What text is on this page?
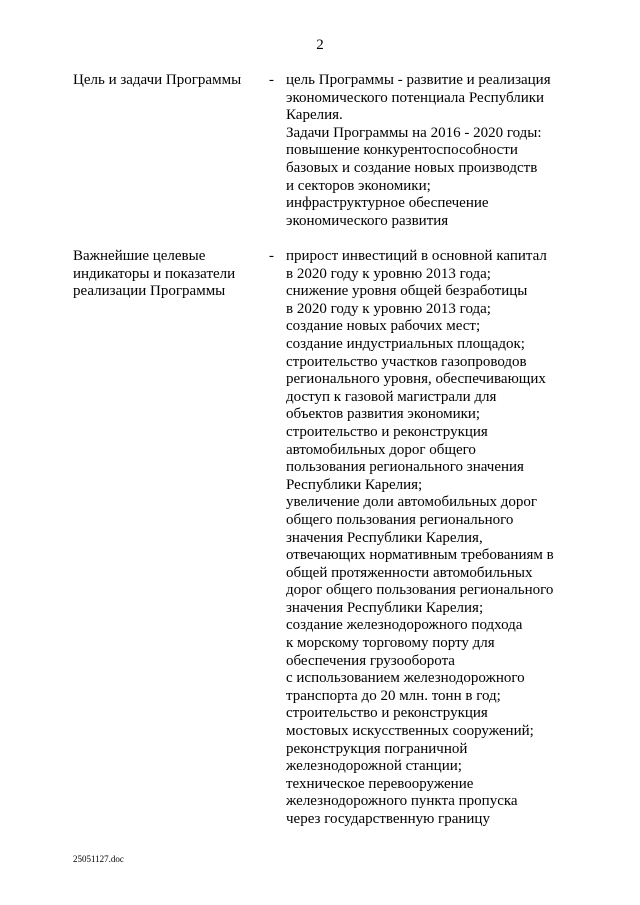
2
Цель и задачи Программы	- цель Программы - развитие и реализация
экономического потенциала Республики
Карелия.
Задачи Программы на 2016 - 2020 годы:
повышение конкурентоспособности
базовых и создание новых производств
и секторов экономики;
инфраструктурное обеспечение
экономического развития
Важнейшие целевые
индикаторы и показатели
реализации Программы
- прирост инвестиций в основной капитал
в 2020 году к уровню 2013 года;
снижение уровня общей безработицы
в 2020 году к уровню 2013 года;
создание новых рабочих мест;
создание индустриальных площадок;
строительство участков газопроводов
регионального уровня, обеспечивающих
доступ к газовой магистрали для
объектов развития экономики;
строительство и реконструкция
автомобильных дорог общего
пользования регионального значения
Республики Карелия;
увеличение доли автомобильных дорог
общего пользования регионального
значения Республики Карелия,
отвечающих нормативным требованиям в
общей протяженности автомобильных
дорог общего пользования регионального
значения Республики Карелия;
создание железнодорожного подхода
к морскому торговому порту для
обеспечения грузооборота
с использованием железнодорожного
транспорта до 20 млн. тонн в год;
строительство и реконструкция
мостовых искусственных сооружений;
реконструкция пограничной
железнодорожной станции;
техническое перевооружение
железнодорожного пункта пропуска
через государственную границу
25051127.doc
